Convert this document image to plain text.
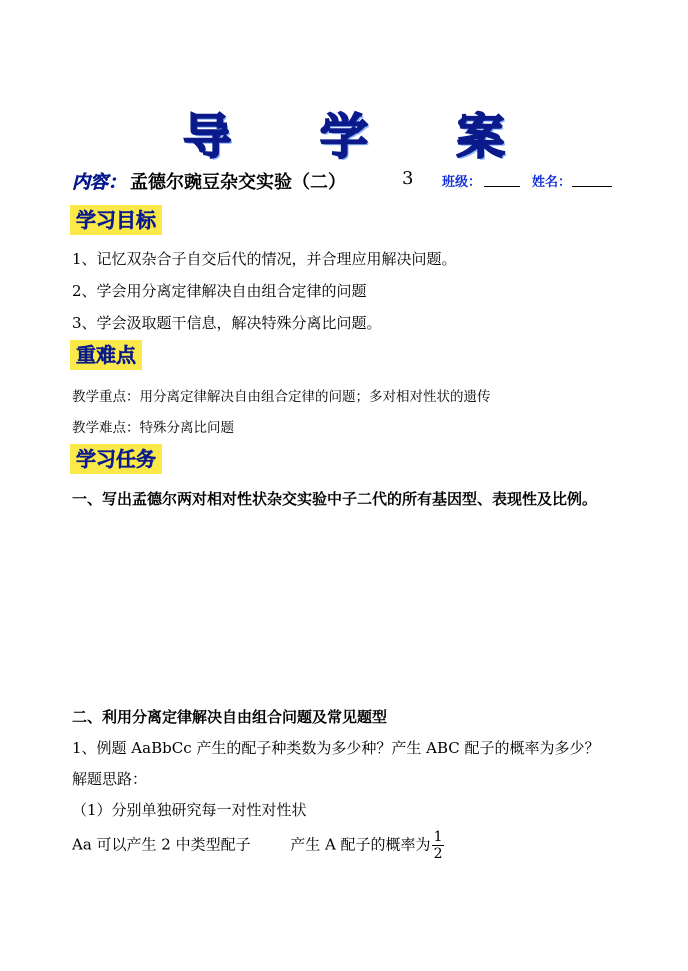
导 学 案
内容： 孟德尔豌豆杂交实验（二）	3 班级：	姓名：
学习目标
1、记忆双杂合子自交后代的情况，并合理应用解决问题。
2、学会用分离定律解决自由组合定律的问题
3、学会汲取题干信息，解决特殊分离比问题。
重难点
教学重点：用分离定律解决自由组合定律的问题；多对相对性状的遗传
教学难点：特殊分离比问题
学习任务
一、写出孟德尔两对相对性状杂交实验中子二代的所有基因型、表现性及比例。
二、利用分离定律解决自由组合问题及常见题型
1、例题 AaBbCc 产生的配子种类数为多少种？产生 ABC 配子的概率为多少？
解题思路：
（1）分别单独研究每一对性对性状
Aa 可以产生 2 中类型配子	产生 A 配子的概率为 $\frac{1}{2}$
